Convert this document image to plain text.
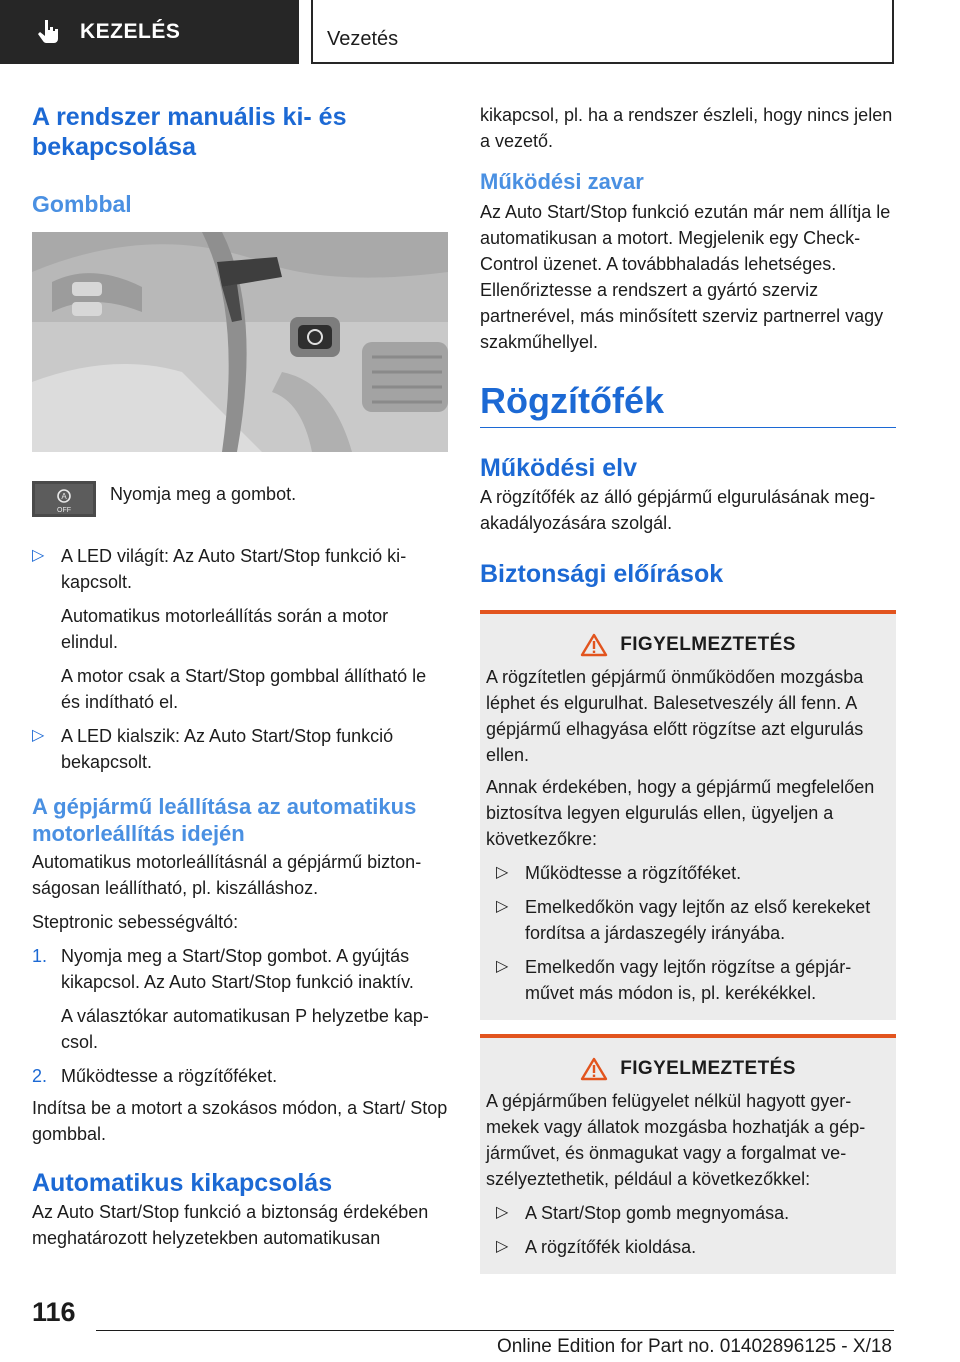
KEZELÉS	Vezetés
A rendszer manuális ki- és bekapcsolása
Gombbal
A
OFF

Nyomja meg a gombot.

▷ A LED világít: Az Auto Start/Stop funkció kikapcsolt.

Automatikus motorleállítás során a motor elindul.

A motor csak a Start/Stop gombbal állítható le és indítható el.

▷ A LED kialszik: Az Auto Start/Stop funkció bekapcsolt.

A gépjármű leállítása az automatikus motorleállítás idején

Automatikus motorleállításnál a gépjármű biztonságosan leállítható, pl. kiszálláshoz.

Steptronic sebességváltó:

1. Nyomja meg a Start/Stop gombot. A gyújtás kikapcsol. Az Auto Start/Stop funkció inaktív.

A választókar automatikusan P helyzetbe kapcsol.

2. Működtesse a rögzítőféket.

Indítsa be a motort a szokásos módon, a Start/ Stop gombbal.

Automatikus kikapcsolás

Az Auto Start/Stop funkció a biztonság érdekében meghatározott helyzetekben automatikusan

kikapcsol, pl. ha a rendszer észleli, hogy nincs jelen a vezető.

Működési zavar

Az Auto Start/Stop funkció ezután már nem állítja le automatikusan a motort. Megjelenik egy Check-Control üzenet. A továbbhaladás lehetséges. Ellenőriztesse a rendszert a gyártó szerviz partnerével, más minősített szerviz partnerrel vagy szakműhellyel.

Rögzítőfék
Működési elv

A rögzítőfék az álló gépjármű elgurulásának megakadályozására szolgál.

Biztonsági előírások
FIGYELMEZTETÉS

A rögzítetlen gépjármű önműködően mozgásba léphet és elgurulhat. Balesetveszély áll fenn. A gépjármű elhagyása előtt rögzítse azt elgurulás ellen.

Annak érdekében, hogy a gépjármű megfelelően biztosítva legyen elgurulás ellen, ügyeljen a következőkre:

▷ Működtesse a rögzítőféket.

▷ Emelkedőkön vagy lejtőn az első kerekeket fordítsa a járdaszegély irányába.

▷ Emelkedőn vagy lejtőn rögzítse a gépjárművet más módon is, pl. kerékékkel.

FIGYELMEZTETÉS

A gépjárműben felügyelet nélkül hagyott gyermekek vagy állatok mozgásba hozhatják a gépjárművet, és önmagukat vagy a forgalmat veszélyeztethetik, például a következőkkel:

▷ A Start/Stop gomb megnyomása.

▷ A rögzítőfék kioldása.

116
Online Edition for Part no. 01402896125 - X/18
